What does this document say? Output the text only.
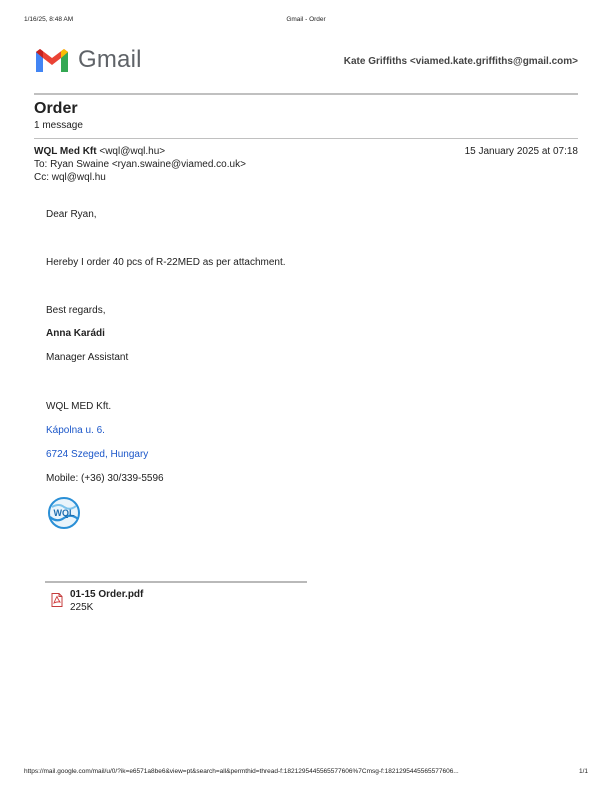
1/16/25, 8:48 AM	Gmail - Order
Gmail	Kate Griffiths <viamed.kate.griffiths@gmail.com>
Order
1 message
WQL Med Kft <wql@wql.hu>	15 January 2025 at 07:18
To: Ryan Swaine <ryan.swaine@viamed.co.uk>
Cc: wql@wql.hu
Dear Ryan,
Hereby I order 40 pcs of R-22MED as per attachment.
Best regards,
Anna Karádi
Manager Assistant
WQL MED Kft.
Kápolna u. 6.
6724 Szeged, Hungary
Mobile: (+36) 30/339-5596
WQL
01-15 Order.pdf
225K
https://mail.google.com/mail/u/0/?ik=e6571a8be6&view=pt&search=all&permthid=thread-f:1821295445565577606%7Cmsg-f:1821295445565577606...	1/1
